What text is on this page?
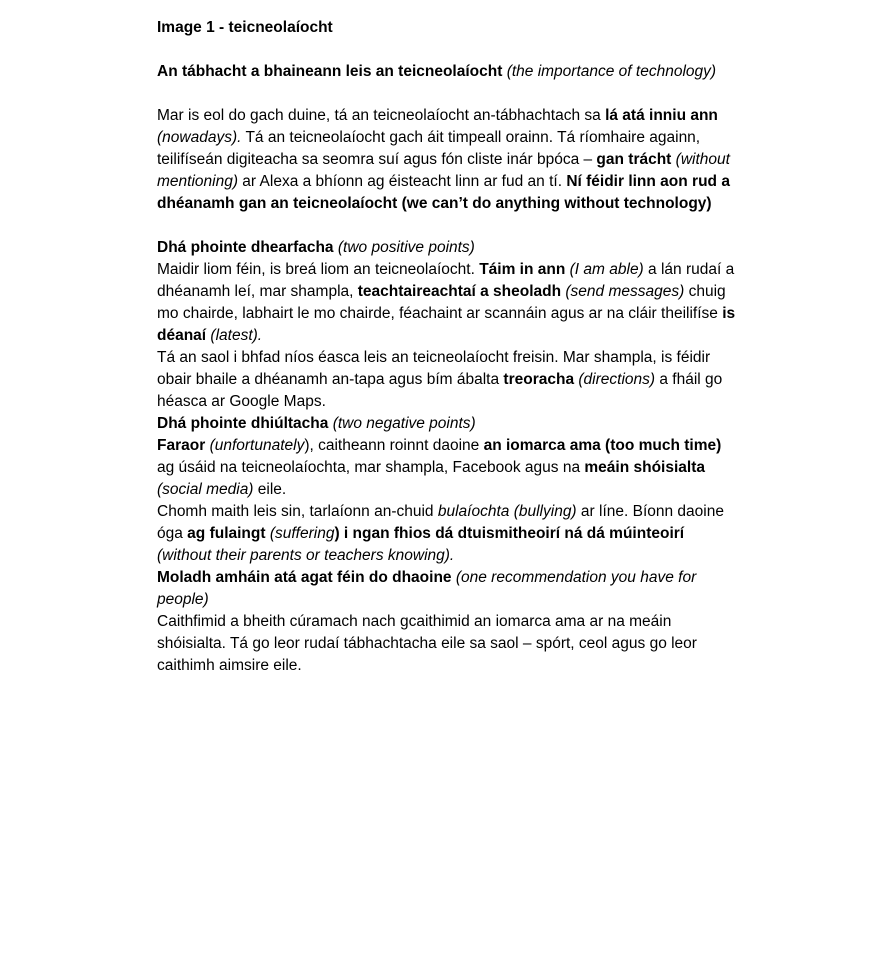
Image 1 - teicneolaíocht

An tábhacht a bhaineann leis an teicneolaíocht (the importance of technology)

Mar is eol do gach duine, tá an teicneolaíocht an-tábhachtach sa lá atá inniu ann (nowadays). Tá an teicneolaíocht gach áit timpeall orainn. Tá ríomhaire againn, teilifíseán digiteacha sa seomra suí agus fón cliste inár bpóca – gan trácht (without mentioning) ar Alexa a bhíonn ag éisteacht linn ar fud an tí. Ní féidir linn aon rud a dhéanamh gan an teicneolaíocht (we can’t do anything without technology)

Dhá phointe dhearfacha (two positive points)

Maidir liom féin, is breá liom an teicneolaíocht. Táim in ann (I am able) a lán rudaí a dhéanamh leí, mar shampla, teachtaireachtaí a sheoladh (send messages) chuig mo chairde, labhairt le mo chairde, féachaint ar scannáin agus ar na cláir theilifíse is déanaí (latest).

Tá an saol i bhfad níos éasca leis an teicneolaíocht freisin. Mar shampla, is féidir obair bhaile a dhéanamh an-tapa agus bím ábalta treoracha (directions) a fháil go héasca ar Google Maps.

Dhá phointe dhiúltacha (two negative points)

Faraor (unfortunately), caitheann roinnt daoine an iomarca ama (too much time) ag úsáid na teicneolaíochta, mar shampla, Facebook agus na meáin shóisialta (social media) eile.

Chomh maith leis sin, tarlaíonn an-chuid bulaíochta (bullying) ar líne. Bíonn daoine óga ag fulaingt (suffering) i ngan fhios dá dtuismitheoirí ná dá múinteoirí (without their parents or teachers knowing).

Moladh amháin atá agat féin do dhaoine (one recommendation you have for people)

Caithfimid a bheith cúramach nach gcaithimid an iomarca ama ar na meáin shóisialta. Tá go leor rudaí tábhachtacha eile sa saol – spórt, ceol agus go leor caithimh aimsire eile.
